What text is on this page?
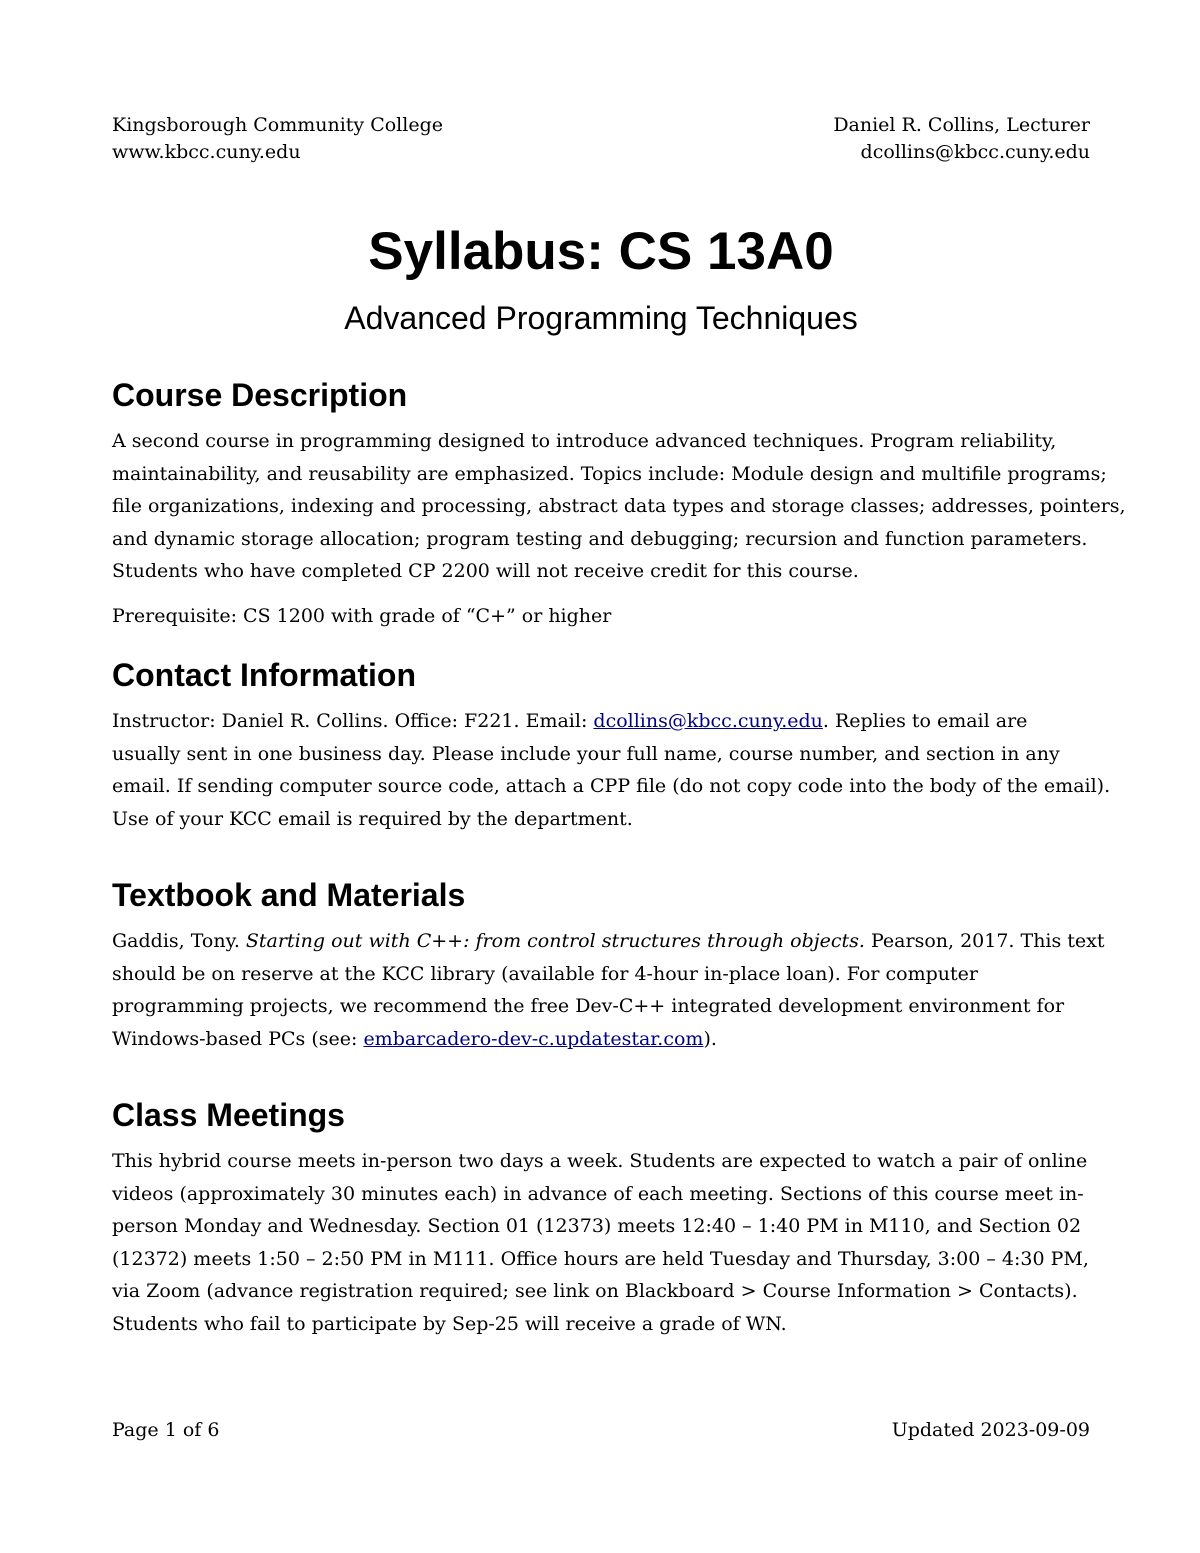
Kingsborough Community College	Daniel R. Collins, Lecturer
www.kbcc.cuny.edu	dcollins@kbcc.cuny.edu
Syllabus: CS 13A0
Advanced Programming Techniques
Course Description
A second course in programming designed to introduce advanced techniques. Program reliability,
maintainability, and reusability are emphasized. Topics include: Module design and multifile programs;
file organizations, indexing and processing, abstract data types and storage classes; addresses, pointers,
and dynamic storage allocation; program testing and debugging; recursion and function parameters.
Students who have completed CP 2200 will not receive credit for this course.
Prerequisite: CS 1200 with grade of “C+” or higher
Contact Information
Instructor: Daniel R. Collins. Office: F221. Email: dcollins@kbcc.cuny.edu. Replies to email are
usually sent in one business day. Please include your full name, course number, and section in any
email. If sending computer source code, attach a CPP file (do not copy code into the body of the email).
Use of your KCC email is required by the department.
Textbook and Materials
Gaddis, Tony. Starting out with C++: from control structures through objects. Pearson, 2017. This text
should be on reserve at the KCC library (available for 4-hour in-place loan). For computer
programming projects, we recommend the free Dev-C++ integrated development environment for
Windows-based PCs (see: embarcadero-dev-c.updatestar.com).
Class Meetings
This hybrid course meets in-person two days a week. Students are expected to watch a pair of online
videos (approximately 30 minutes each) in advance of each meeting. Sections of this course meet in-
person Monday and Wednesday. Section 01 (12373) meets 12:40 – 1:40 PM in M110, and Section 02
(12372) meets 1:50 – 2:50 PM in M111. Office hours are held Tuesday and Thursday, 3:00 – 4:30 PM,
via Zoom (advance registration required; see link on Blackboard > Course Information > Contacts).
Students who fail to participate by Sep-25 will receive a grade of WN.
Page 1 of 6	Updated 2023-09-09
